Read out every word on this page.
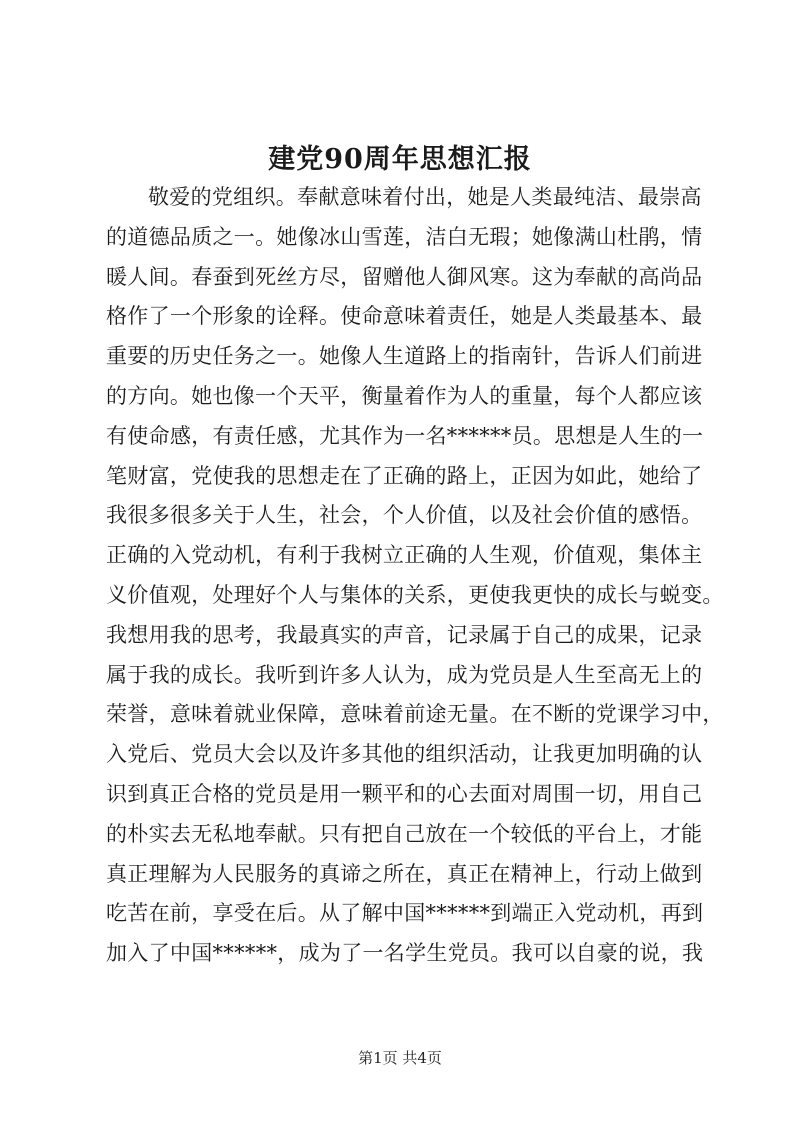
建党90周年思想汇报
敬爱的党组织。奉献意味着付出，她是人类最纯洁、最崇高
的道德品质之一。她像冰山雪莲，洁白无瑕；她像满山杜鹃，情
暖人间。春蚕到死丝方尽，留赠他人御风寒。这为奉献的高尚品
格作了一个形象的诠释。使命意味着责任，她是人类最基本、最
重要的历史任务之一。她像人生道路上的指南针，告诉人们前进
的方向。她也像一个天平，衡量着作为人的重量，每个人都应该
有使命感，有责任感，尤其作为一名******员。思想是人生的一
笔财富，党使我的思想走在了正确的路上，正因为如此，她给了
我很多很多关于人生，社会，个人价值，以及社会价值的感悟。
正确的入党动机，有利于我树立正确的人生观，价值观，集体主
义价值观，处理好个人与集体的关系，更使我更快的成长与蜕变。
我想用我的思考，我最真实的声音，记录属于自己的成果，记录
属于我的成长。我听到许多人认为，成为党员是人生至高无上的
荣誉，意味着就业保障，意味着前途无量。在不断的党课学习中，
入党后、党员大会以及许多其他的组织活动，让我更加明确的认
识到真正合格的党员是用一颗平和的心去面对周围一切，用自己
的朴实去无私地奉献。只有把自己放在一个较低的平台上，才能
真正理解为人民服务的真谛之所在，真正在精神上，行动上做到
吃苦在前，享受在后。从了解中国******到端正入党动机，再到
加入了中国******，成为了一名学生党员。我可以自豪的说，我
第1页 共4页
